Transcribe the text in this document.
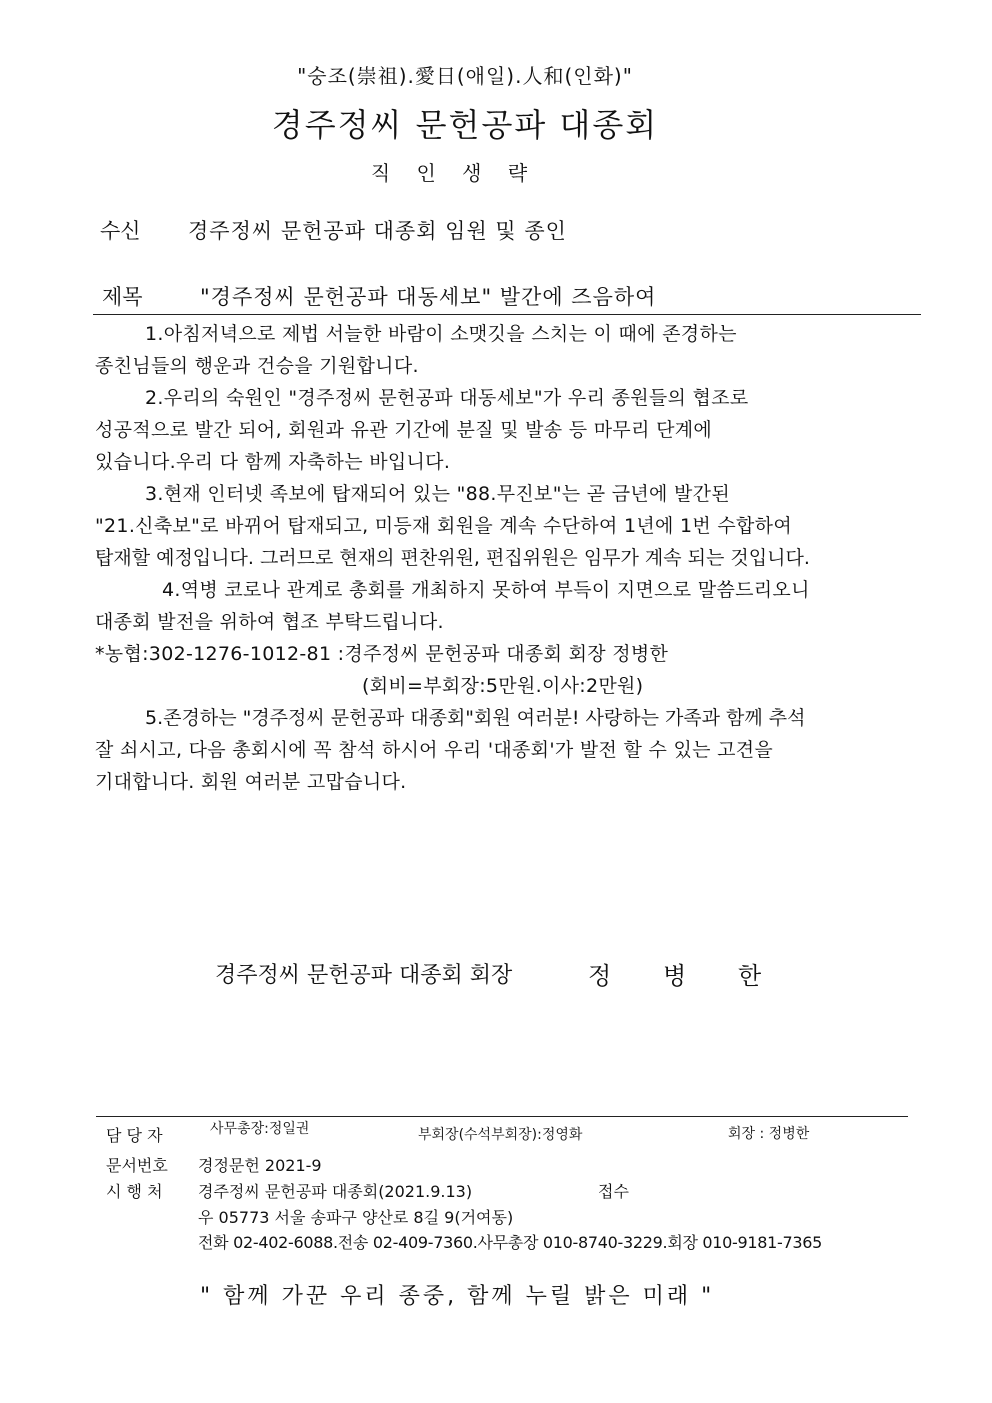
"숭조(崇祖).愛日(애일).人和(인화)"
경주정씨 문헌공파 대종회
직 인 생 략
수신 경주정씨 문헌공파 대종회 임원 및 종인
제목	"경주정씨 문헌공파 대동세보" 발간에 즈음하여
1.아침저녁으로 제법 서늘한 바람이 소맷깃을 스치는 이 때에 존경하는
종친님들의 행운과 건승을 기원합니다.
2.우리의 숙원인 "경주정씨 문헌공파 대동세보"가 우리 종원들의 협조로
성공적으로 발간 되어, 회원과 유관 기간에 분질 및 발송 등 마무리 단계에
있습니다.우리 다 함께 자축하는 바입니다.
3.현재 인터넷 족보에 탑재되어 있는 "88.무진보"는 곧 금년에 발간된
"21.신축보"로 바뀌어 탑재되고, 미등재 회원을 계속 수단하여 1년에 1번 수합하여
탑재할 예정입니다. 그러므로 현재의 편찬위원, 편집위원은 임무가 계속 되는 것입니다.
4.역병 코로나 관계로 총회를 개최하지 못하여 부득이 지면으로 말씀드리오니
대종회 발전을 위하여 협조 부탁드립니다.
*농협:302-1276-1012-81 :경주정씨 문헌공파 대종회 회장 정병한
(회비=부회장:5만원.이사:2만원)
5.존경하는 "경주정씨 문헌공파 대종회"회원 여러분! 사랑하는 가족과 함께 추석
잘 쇠시고, 다음 총회시에 꼭 참석 하시어 우리 '대종회'가 발전 할 수 있는 고견을
기대합니다. 회원 여러분 고맙습니다.
경주정씨 문헌공파 대종회 회장	정 병 한
담 당 자	사무총장:정일권	부회장(수석부회장):정영화	회장 : 정병한
문서번호 경정문헌 2021-9
시 행 처 경주정씨 문헌공파 대종회(2021.9.13)	접수
우 05773 서울 송파구 양산로 8길 9(거여동)
전화 02-402-6088.전송 02-409-7360.사무총장 010-8740-3229.회장 010-9181-7365
" 함께 가꾼 우리 종중, 함께 누릴 밝은 미래 "
